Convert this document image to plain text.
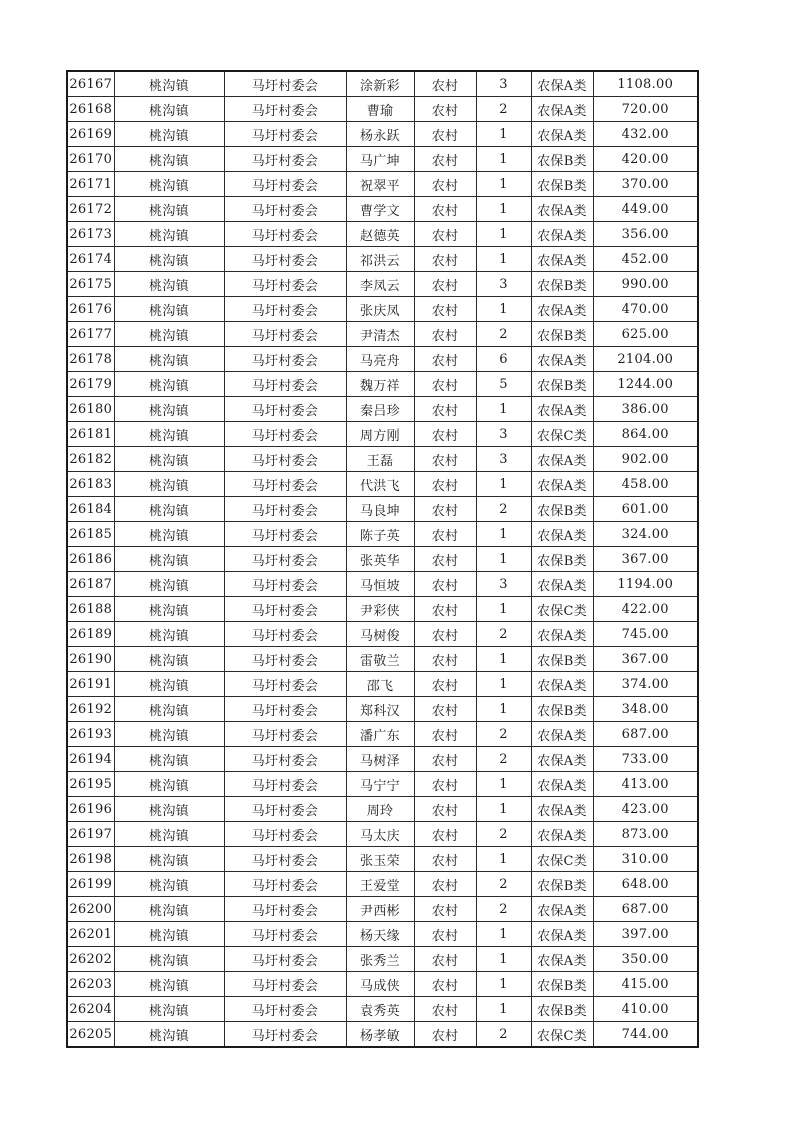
26167	桃沟镇	马圩村委会	涂新彩	农村	3	农保A类	1108.00
26168	桃沟镇	马圩村委会	曹瑜	农村	2	农保A类	720.00
26169	桃沟镇	马圩村委会	杨永跃	农村	1	农保A类	432.00
26170	桃沟镇	马圩村委会	马广坤	农村	1	农保B类	420.00
26171	桃沟镇	马圩村委会	祝翠平	农村	1	农保B类	370.00
26172	桃沟镇	马圩村委会	曹学文	农村	1	农保A类	449.00
26173	桃沟镇	马圩村委会	赵德英	农村	1	农保A类	356.00
26174	桃沟镇	马圩村委会	祁洪云	农村	1	农保A类	452.00
26175	桃沟镇	马圩村委会	李凤云	农村	3	农保B类	990.00
26176	桃沟镇	马圩村委会	张庆凤	农村	1	农保A类	470.00
26177	桃沟镇	马圩村委会	尹清杰	农村	2	农保B类	625.00
26178	桃沟镇	马圩村委会	马亮舟	农村	6	农保A类	2104.00
26179	桃沟镇	马圩村委会	魏万祥	农村	5	农保B类	1244.00
26180	桃沟镇	马圩村委会	秦吕珍	农村	1	农保A类	386.00
26181	桃沟镇	马圩村委会	周方刚	农村	3	农保C类	864.00
26182	桃沟镇	马圩村委会	王磊	农村	3	农保A类	902.00
26183	桃沟镇	马圩村委会	代洪飞	农村	1	农保A类	458.00
26184	桃沟镇	马圩村委会	马良坤	农村	2	农保B类	601.00
26185	桃沟镇	马圩村委会	陈子英	农村	1	农保A类	324.00
26186	桃沟镇	马圩村委会	张英华	农村	1	农保B类	367.00
26187	桃沟镇	马圩村委会	马恒坡	农村	3	农保A类	1194.00
26188	桃沟镇	马圩村委会	尹彩侠	农村	1	农保C类	422.00
26189	桃沟镇	马圩村委会	马树俊	农村	2	农保A类	745.00
26190	桃沟镇	马圩村委会	雷敬兰	农村	1	农保B类	367.00
26191	桃沟镇	马圩村委会	邵飞	农村	1	农保A类	374.00
26192	桃沟镇	马圩村委会	郑科汉	农村	1	农保B类	348.00
26193	桃沟镇	马圩村委会	潘广东	农村	2	农保A类	687.00
26194	桃沟镇	马圩村委会	马树泽	农村	2	农保A类	733.00
26195	桃沟镇	马圩村委会	马宁宁	农村	1	农保A类	413.00
26196	桃沟镇	马圩村委会	周玲	农村	1	农保A类	423.00
26197	桃沟镇	马圩村委会	马太庆	农村	2	农保A类	873.00
26198	桃沟镇	马圩村委会	张玉荣	农村	1	农保C类	310.00
26199	桃沟镇	马圩村委会	王爱堂	农村	2	农保B类	648.00
26200	桃沟镇	马圩村委会	尹西彬	农村	2	农保A类	687.00
26201	桃沟镇	马圩村委会	杨天缘	农村	1	农保A类	397.00
26202	桃沟镇	马圩村委会	张秀兰	农村	1	农保A类	350.00
26203	桃沟镇	马圩村委会	马成侠	农村	1	农保B类	415.00
26204	桃沟镇	马圩村委会	袁秀英	农村	1	农保B类	410.00
26205	桃沟镇	马圩村委会	杨孝敏	农村	2	农保C类	744.00
